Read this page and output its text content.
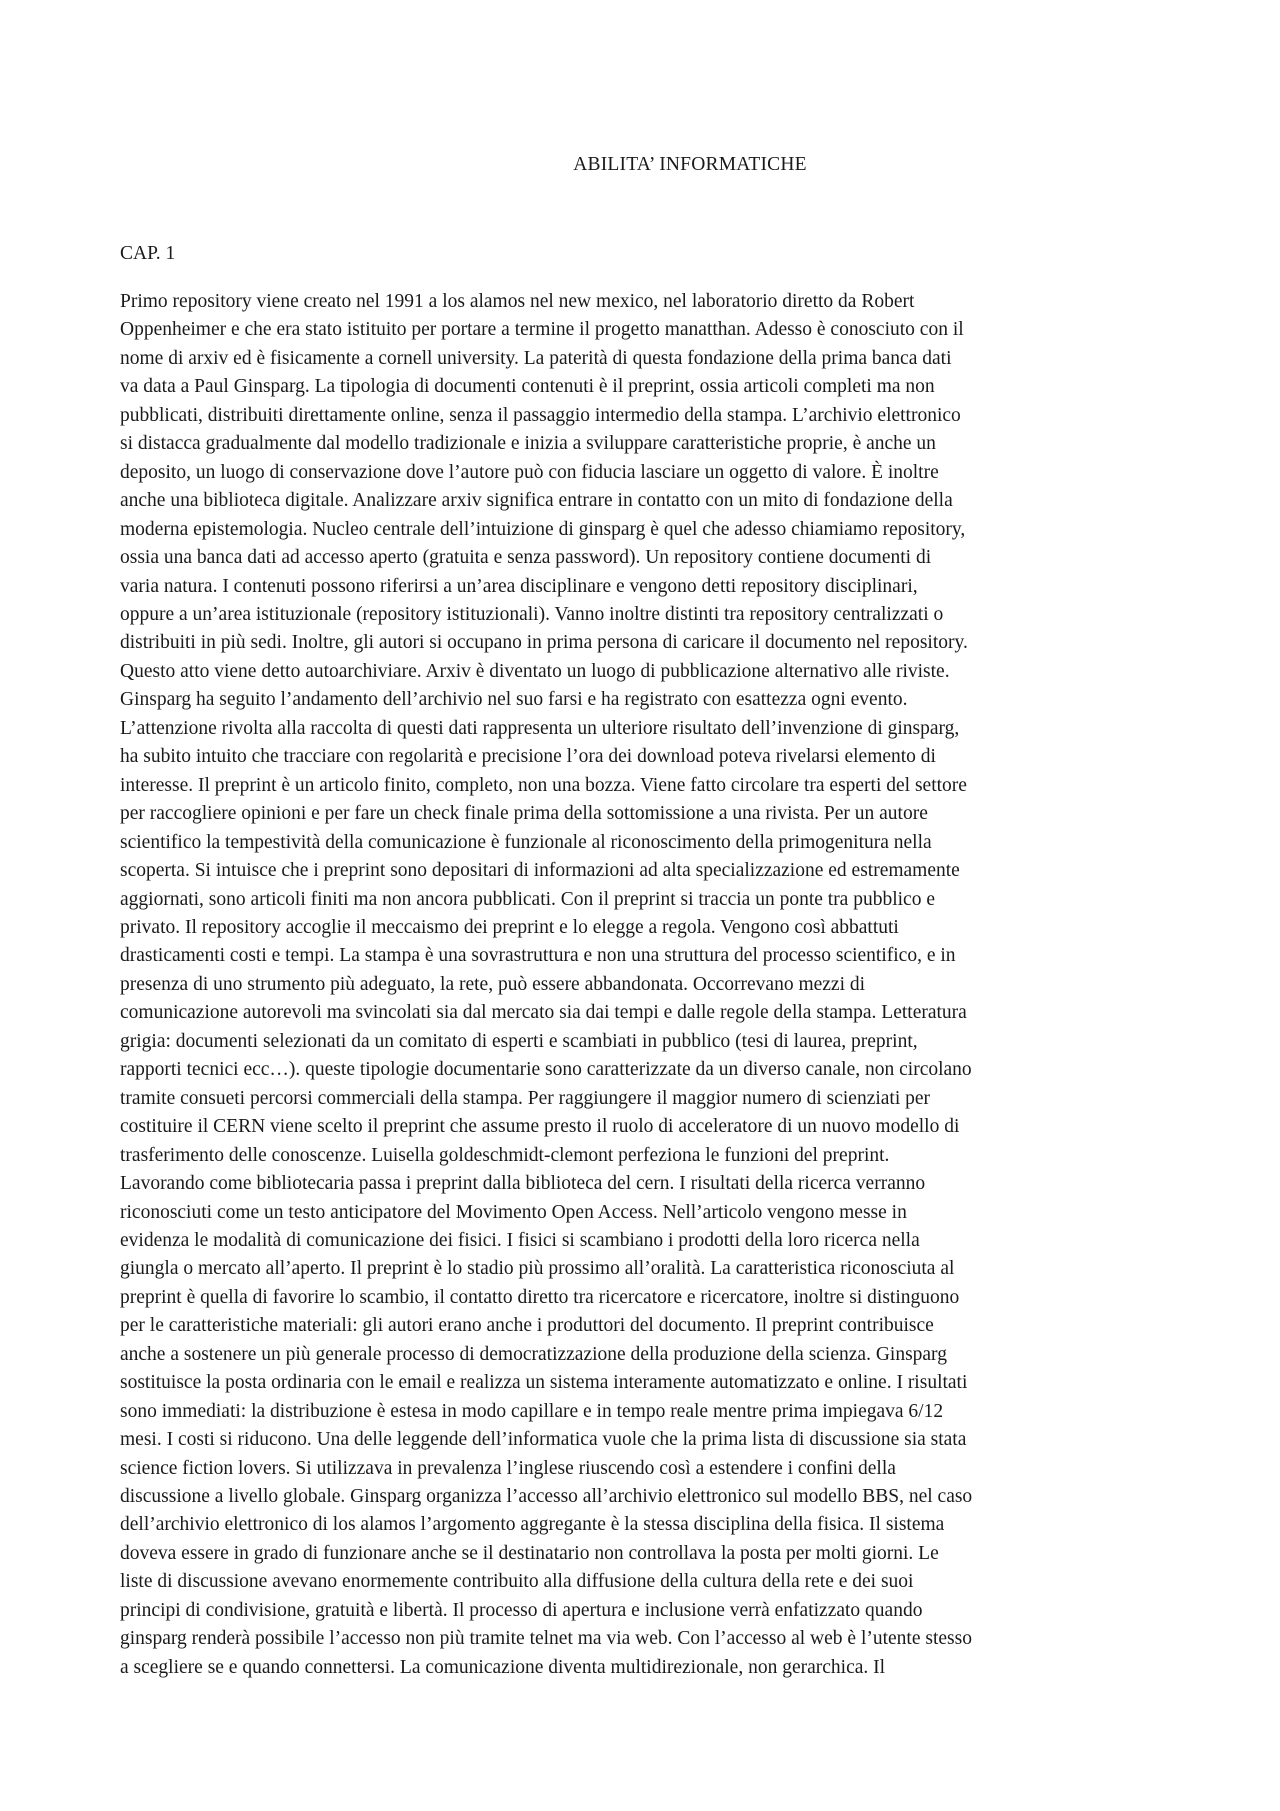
ABILITA’ INFORMATICHE
CAP. 1
Primo repository viene creato nel 1991 a los alamos nel new mexico, nel laboratorio diretto da Robert
Oppenheimer e che era stato istituito per portare a termine il progetto manatthan. Adesso è conosciuto con il
nome di arxiv ed è fisicamente a cornell university. La paterità di questa fondazione della prima banca dati
va data a Paul Ginsparg. La tipologia di documenti contenuti è il preprint, ossia articoli completi ma non
pubblicati, distribuiti direttamente online, senza il passaggio intermedio della stampa. L’archivio elettronico
si distacca gradualmente dal modello tradizionale e inizia a sviluppare caratteristiche proprie, è anche un
deposito, un luogo di conservazione dove l’autore può con fiducia lasciare un oggetto di valore. È inoltre
anche una biblioteca digitale. Analizzare arxiv significa entrare in contatto con un mito di fondazione della
moderna epistemologia. Nucleo centrale dell’intuizione di ginsparg è quel che adesso chiamiamo repository,
ossia una banca dati ad accesso aperto (gratuita e senza password). Un repository contiene documenti di
varia natura. I contenuti possono riferirsi a un’area disciplinare e vengono detti repository disciplinari,
oppure a un’area istituzionale (repository istituzionali). Vanno inoltre distinti tra repository centralizzati o
distribuiti in più sedi. Inoltre, gli autori si occupano in prima persona di caricare il documento nel repository.
Questo atto viene detto autoarchiviare. Arxiv è diventato un luogo di pubblicazione alternativo alle riviste.
Ginsparg ha seguito l’andamento dell’archivio nel suo farsi e ha registrato con esattezza ogni evento.
L’attenzione rivolta alla raccolta di questi dati rappresenta un ulteriore risultato dell’invenzione di ginsparg,
ha subito intuito che tracciare con regolarità e precisione l’ora dei download poteva rivelarsi elemento di
interesse. Il preprint è un articolo finito, completo, non una bozza. Viene fatto circolare tra esperti del settore
per raccogliere opinioni e per fare un check finale prima della sottomissione a una rivista. Per un autore
scientifico la tempestività della comunicazione è funzionale al riconoscimento della primogenitura nella
scoperta. Si intuisce che i preprint sono depositari di informazioni ad alta specializzazione ed estremamente
aggiornati, sono articoli finiti ma non ancora pubblicati. Con il preprint si traccia un ponte tra pubblico e
privato. Il repository accoglie il meccaismo dei preprint e lo elegge a regola. Vengono così abbattuti
drasticamenti costi e tempi. La stampa è una sovrastruttura e non una struttura del processo scientifico, e in
presenza di uno strumento più adeguato, la rete, può essere abbandonata. Occorrevano mezzi di
comunicazione autorevoli ma svincolati sia dal mercato sia dai tempi e dalle regole della stampa. Letteratura
grigia: documenti selezionati da un comitato di esperti e scambiati in pubblico (tesi di laurea, preprint,
rapporti tecnici ecc…). queste tipologie documentarie sono caratterizzate da un diverso canale, non circolano
tramite consueti percorsi commerciali della stampa. Per raggiungere il maggior numero di scienziati per
costituire il CERN viene scelto il preprint che assume presto il ruolo di acceleratore di un nuovo modello di
trasferimento delle conoscenze. Luisella goldeschmidt-clemont perfeziona le funzioni del preprint.
Lavorando come bibliotecaria passa i preprint dalla biblioteca del cern. I risultati della ricerca verranno
riconosciuti come un testo anticipatore del Movimento Open Access. Nell’articolo vengono messe in
evidenza le modalità di comunicazione dei fisici. I fisici si scambiano i prodotti della loro ricerca nella
giungla o mercato all’aperto. Il preprint è lo stadio più prossimo all’oralità. La caratteristica riconosciuta al
preprint è quella di favorire lo scambio, il contatto diretto tra ricercatore e ricercatore, inoltre si distinguono
per le caratteristiche materiali: gli autori erano anche i produttori del documento. Il preprint contribuisce
anche a sostenere un più generale processo di democratizzazione della produzione della scienza. Ginsparg
sostituisce la posta ordinaria con le email e realizza un sistema interamente automatizzato e online. I risultati
sono immediati: la distribuzione è estesa in modo capillare e in tempo reale mentre prima impiegava 6/12
mesi. I costi si riducono. Una delle leggende dell’informatica vuole che la prima lista di discussione sia stata
science fiction lovers. Si utilizzava in prevalenza l’inglese riuscendo così a estendere i confini della
discussione a livello globale. Ginsparg organizza l’accesso all’archivio elettronico sul modello BBS, nel caso
dell’archivio elettronico di los alamos l’argomento aggregante è la stessa disciplina della fisica. Il sistema
doveva essere in grado di funzionare anche se il destinatario non controllava la posta per molti giorni. Le
liste di discussione avevano enormemente contribuito alla diffusione della cultura della rete e dei suoi
principi di condivisione, gratuità e libertà. Il processo di apertura e inclusione verrà enfatizzato quando
ginsparg renderà possibile l’accesso non più tramite telnet ma via web. Con l’accesso al web è l’utente stesso
a scegliere se e quando connettersi. La comunicazione diventa multidirezionale, non gerarchica. Il
